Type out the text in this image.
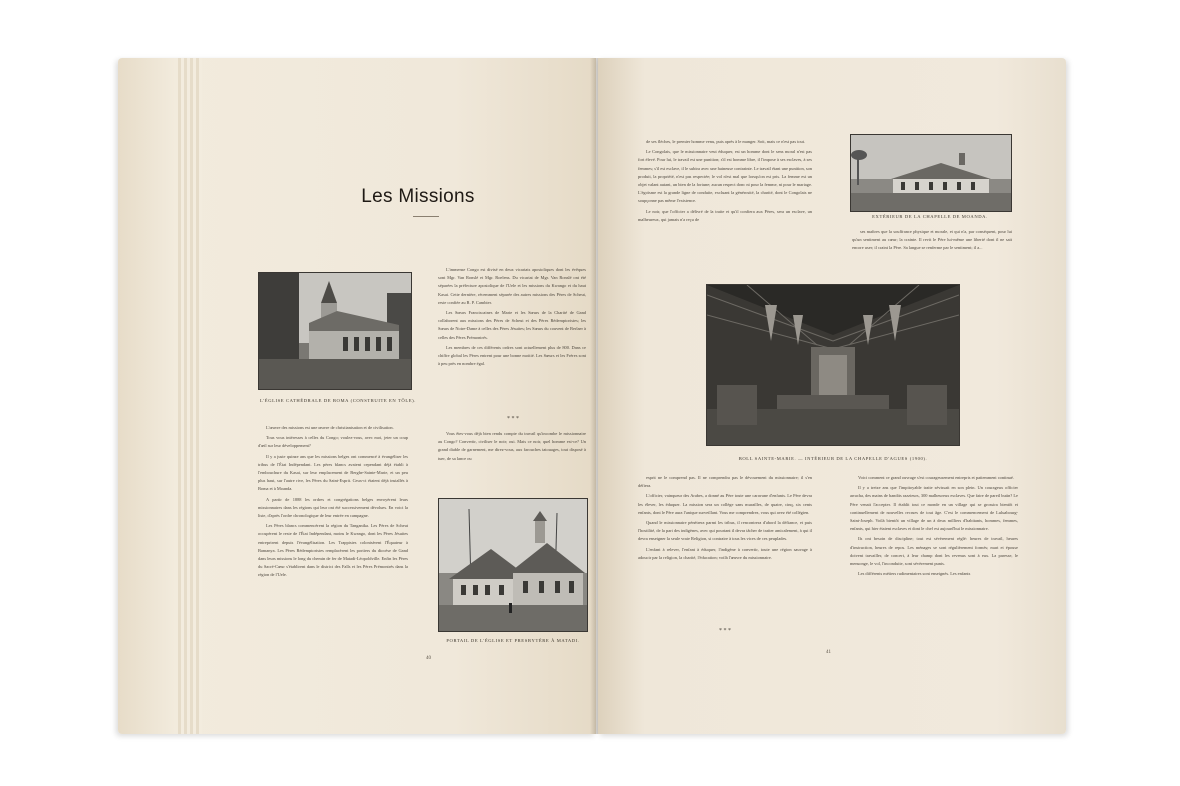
Les Missions
L'ÉGLISE CATHÉDRALE DE BOMA (CONSTRUITE EN TÔLE).

L'œuvre des missions est une œuvre de christianisation et de civilisation.

Tous vous intéresses à celles du Congo; voulez-vous, avec moi, jeter un coup d'œil sur leur développement?

Il y a juste quinze ans que les missions belges ont commencé à évangéliser les tribus de l'État Indépendant. Les pères blancs avaient cependant déjà établi à l'embouchure du Kasai, sur leur emplacement de Berghe-Sainte-Marie, et un peu plus haut, sur l'autre rive, les Pères du Saint-Esprit. Ceux-ci étaient déjà installés à Boma et à Moanda.

A partir de 1888 les ordres et congrégations belges envoyèrent leurs missionnaires dans les régions qui leur ont été successivement dévolues. En voici la liste, d'après l'ordre chronologique de leur entrée en campagne.

Les Pères blancs commencèrent la région du Tanganika. Les Pères de Scheut occupèrent le reste de l'État Indépendant, moins le Kwango, dont les Pères Jésuites entreprirent depuis l'évangélisation. Les Trappistes colonisèrent l'Équateur à Bamanya. Les Pères Rédemptoristes remplacèrent les portiers du diocèse de Gand dans leurs missions le long du chemin de fer de Matadi-Léopoldville. Enfin les Pères du Sacré-Cœur s'établirent dans le district des Falls et les Pères Prémontrés dans la région de l'Uele.

L'immense Congo est divisé en deux vicariats apostoliques dont les évêques sont Mgr. Van Ronslé et Mgr. Roelens. Du vicariat de Mgr. Van Ronslé ont été séparées la préfecture apostolique de l'Uele et les missions du Kwango et du haut Kasai. Cette dernière, récemment séparée des autres missions des Pères de Scheut, reste confiée au R. P. Cambier.

Les Sœurs Franciscaines de Marie et les Sœurs de la Charité de Gand collaborent aux missions des Pères de Scheut et des Pères Rédemptoristes; les Sœurs de Notre-Dame à celles des Pères Jésuites; les Sœurs du couvent de Berlaer à celles des Pères Prémontrés.

Les membres de ces différents ordres sont actuellement plus de 800. Dans ce chiffre global les Pères entrent pour une bonne moitié. Les Sœurs et les Frères sont à peu près en nombre égal.

* * *

Vous êtes-vous déjà bien rendu compte du travail qu'incombe le missionnaire au Congo? Convertir, civiliser le noir; oui. Mais ce noir, quel homme est-ce? Un grand diable de garnement, me direz-vous, aux farouches tatouages, tout disposé à tuer, de sa lance ou

PORTAIL DE L'ÉGLISE ET PRESBYTÈRE À MATADI.
40

de ses flèches, le premier homme venu, puis après à le manger. Soit, mais ce n'est pas tout.

Le Congolais, que le missionnaire veut éduquer, est un homme dont le sens moral n'est pas fort élevé. Pour lui, le travail est une punition; s'il est homme libre, il l'impose à ses esclaves, à ses femmes; s'il est esclave, il le subira avec une haineuse contrainte. Le travail étant une punition, son produit, la propriété, n'est pas respectée; le vol n'est mal que lorsqu'on est pris. La femme est un objet valant autant, un bien de la fortune; aucun respect donc ni pour la femme, ni pour le mariage. L'égoïsme est la grande ligne de conduite, excluant la générosité, la charité, dont le Congolais ne soupçonne pas même l'existence.

Le noir, que l'officier a délivré de la traite et qu'il confiera aux Pères, sera un esclave, un malheureux, qui jamais n'a reçu de

EXTÉRIEUR DE LA CHAPELLE DE MOANDA.

ses maîtres que la souffrance physique et morale, et qui n'a, par conséquent, pour lui qu'un sentiment au cœur; la crainte. Il revit le Père lui-même une liberté dont il ne sait encore user; il craint la Père. Sa langue se renferme par le sentiment; il a...

BOLL SAINTE-MARIE. — INTÉRIEUR DE LA CHAPELLE D'AGUES (1900).

esprit ne le comprend pas. Il ne comprendra pas le dévouement du missionnaire; il s'en défiera.

L'officier, vainqueur des Arabes, a donné au Père toute une caravane d'enfants. Le Père devra les élever, les éduquer. La mission sera un collège sans murailles, de quatre, cinq, six cents enfants, dont le Père aura l'unique surveillant. Vous me comprendrez, vous qui avez été collégien.

Quand le missionnaire pénétrera parmi les tribus, il rencontrera d'abord la défiance, et puis l'hostilité, de la part des indigènes, avec qui pourtant il devra tâcher de traiter amicalement, à qui il devra enseigner la seule vraie Religion, si contraire à tous les vices de ces peuplades.

L'enfant à relever, l'enfant à éduquer, l'indigène à convertir, toute une région sauvage à adoucir par la religion, la charité, l'éducation; voilà l'œuvre du missionnaire.

* * *

Voici comment ce grand ouvrage s'est courageusement entrepris et patiemment continué.

Il y a treize ans que l'impitoyable traite sévissait en son plein. Un courageux officier arracha, des mains de bandits razzieurs, 300 malheureux esclaves. Que faire de pareil butin? Le Père venait l'accepter. Il établit tout ce monde en un village qui se grossira bientôt et continuellement de nouvelles recrues de tout âge. C'est le commencement de Luluabourg-Saint-Joseph. Voilà bientôt un village de un à deux milliers d'habitants, hommes, femmes, enfants, qui hier étaient esclaves et dont le chef est aujourd'hui le missionnaire.

Ils ont besoin de discipline; tout est sévèrement réglé: heures de travail, heures d'instruction, heures de repos. Les ménages se sont régulièrement formés; mari et épouse doivent travailler, de concert, à leur champ dont les revenus sont à eux. La paresse, le mensonge, le vol, l'inconduite, sont sévèrement punis.

Les différents métiers rudimentaires sont enseignés. Les enfants

41
